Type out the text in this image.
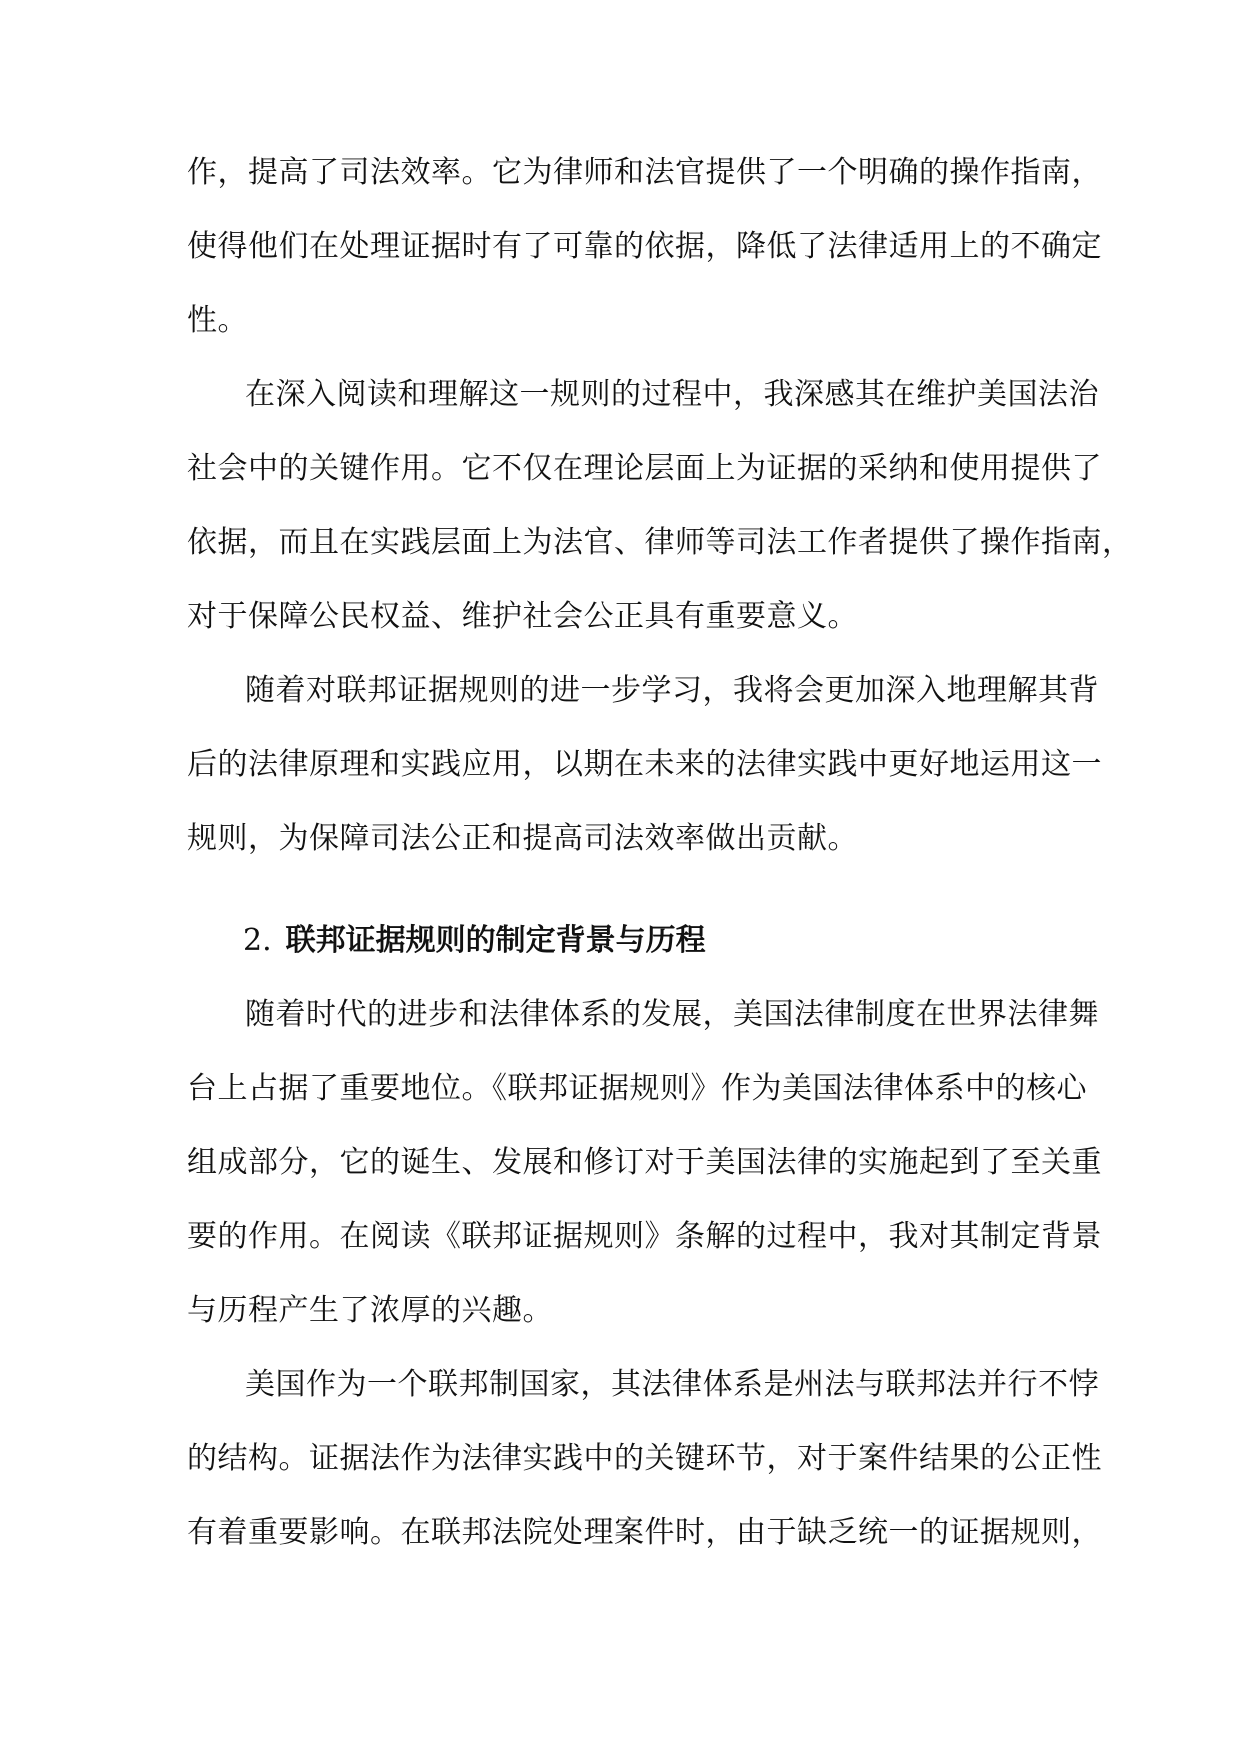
作，提高了司法效率。它为律师和法官提供了一个明确的操作指南，
使得他们在处理证据时有了可靠的依据，降低了法律适用上的不确定
性。
在深入阅读和理解这一规则的过程中，我深感其在维护美国法治
社会中的关键作用。它不仅在理论层面上为证据的采纳和使用提供了
依据，而且在实践层面上为法官、律师等司法工作者提供了操作指南，
对于保障公民权益、维护社会公正具有重要意义。
随着对联邦证据规则的进一步学习，我将会更加深入地理解其背
后的法律原理和实践应用，以期在未来的法律实践中更好地运用这一
规则，为保障司法公正和提高司法效率做出贡献。
2. 联邦证据规则的制定背景与历程
随着时代的进步和法律体系的发展，美国法律制度在世界法律舞
台上占据了重要地位。《联邦证据规则》作为美国法律体系中的核心
组成部分，它的诞生、发展和修订对于美国法律的实施起到了至关重
要的作用。在阅读《联邦证据规则》条解的过程中，我对其制定背景
与历程产生了浓厚的兴趣。
美国作为一个联邦制国家，其法律体系是州法与联邦法并行不悖
的结构。证据法作为法律实践中的关键环节，对于案件结果的公正性
有着重要影响。在联邦法院处理案件时，由于缺乏统一的证据规则，
